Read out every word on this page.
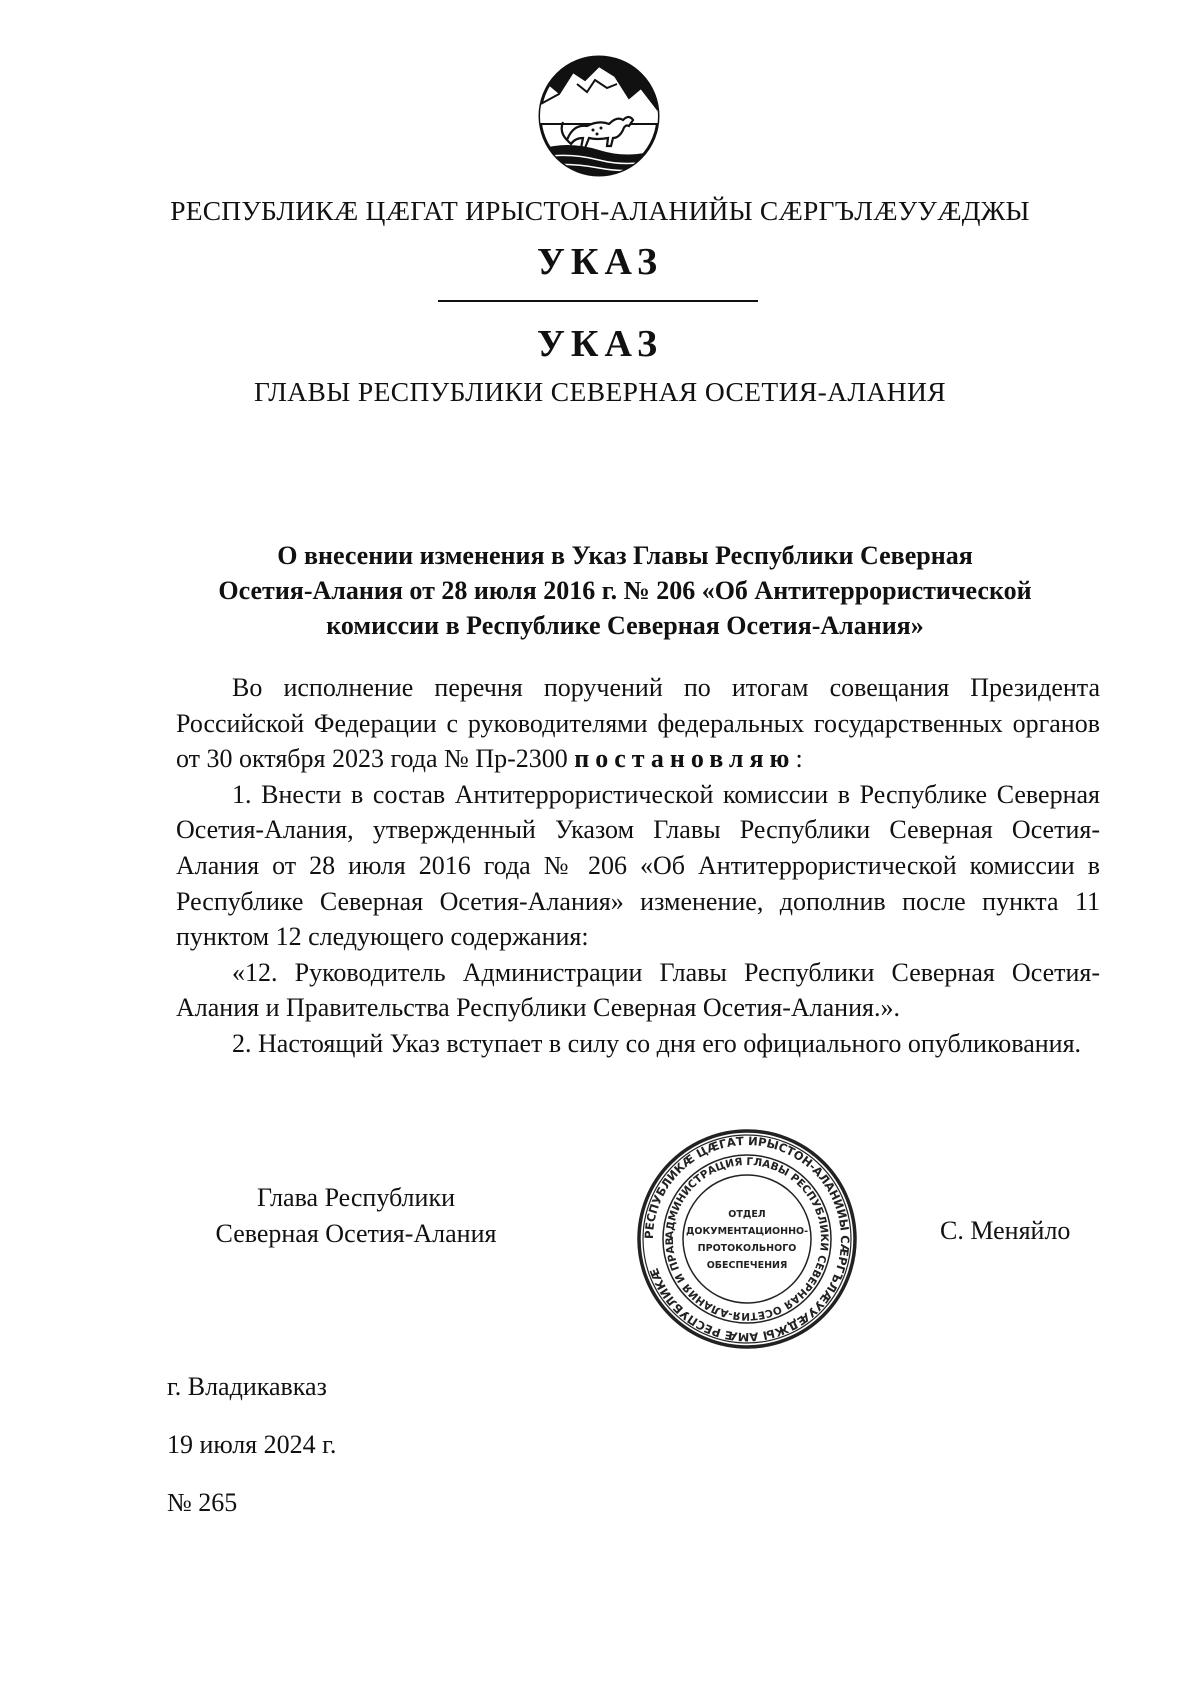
РЕСПУБЛИКӔ ЦӔГАТ ИРЫСТОН-АЛАНИЙЫ СӔРГЪЛӔУУӔДЖЫ
УКАЗ
УКАЗ
ГЛАВЫ РЕСПУБЛИКИ СЕВЕРНАЯ ОСЕТИЯ-АЛАНИЯ
О внесении изменения в Указ Главы Республики Северная
Осетия-Алания от 28 июля 2016 г. № 206 «Об Антитеррористической
комиссии в Республике Северная Осетия-Алания»

Во исполнение перечня поручений по итогам совещания Президента Российской Федерации с руководителями федеральных государственных органов от 30 октября 2023 года № Пр-2300 постановляю:

1. Внести в состав Антитеррористической комиссии в Республике Северная Осетия-Алания, утвержденный Указом Главы Республики Северная Осетия-Алания от 28 июля 2016 года № 206 «Об Антитеррористической комиссии в Республике Северная Осетия-Алания» изменение, дополнив после пункта 11 пунктом 12 следующего содержания:

«12. Руководитель Администрации Главы Республики Северная Осетия-Алания и Правительства Республики Северная Осетия-Алания.».

2. Настоящий Указ вступает в силу со дня его официального опубликования.

Глава Республики
Северная Осетия-Алания	РЕСПУБЛИКӔ ЦӔГАТ ИРЫСТОН-АЛАНИЙЫ СӔРГЪЛӔУУӔДЖЫ АМӔ РЕСПУБЛИКӔ
АДМИНИСТРАЦИЯ ГЛАВЫ РЕСПУБЛИКИ СЕВЕРНАЯ ОСЕТИЯ-АЛАНИЯ И ПРАВ
ОТДЕЛ
ДОКУМЕНТАЦИОННО-
ПРОТОКОЛЬНОГО
ОБЕСПЕЧЕНИЯ
С. Меняйло
г. Владикавказ
19 июля 2024 г.
№ 265
